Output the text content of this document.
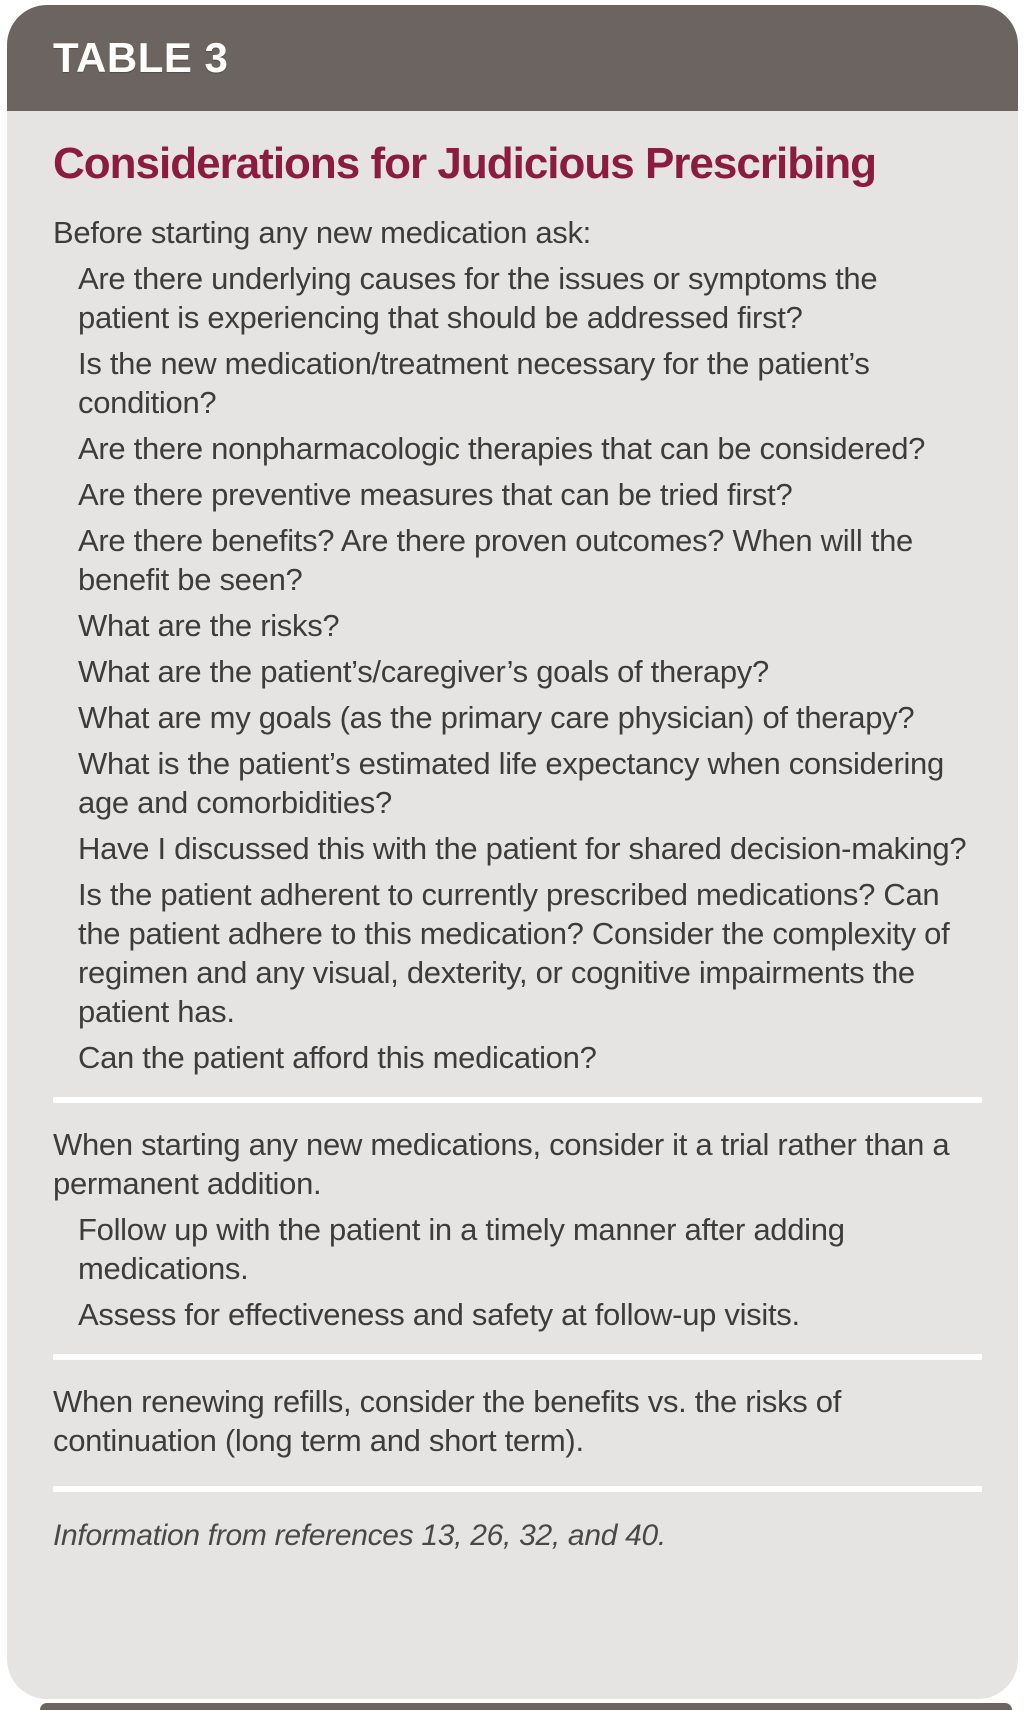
TABLE 3
Considerations for Judicious Prescribing

Before starting any new medication ask:

Are there underlying causes for the issues or symptoms the patient is experiencing that should be addressed first?

Is the new medication/treatment necessary for the patient’s condition?

Are there nonpharmacologic therapies that can be considered?

Are there preventive measures that can be tried first?

Are there benefits? Are there proven outcomes? When will the benefit be seen?

What are the risks?

What are the patient’s/caregiver’s goals of therapy?

What are my goals (as the primary care physician) of therapy?

What is the patient’s estimated life expectancy when considering age and comorbidities?

Have I discussed this with the patient for shared decision-making?

Is the patient adherent to currently prescribed medications? Can the patient adhere to this medication? Consider the complexity of regimen and any visual, dexterity, or cognitive impairments the patient has.

Can the patient afford this medication?

When starting any new medications, consider it a trial rather than a permanent addition.

Follow up with the patient in a timely manner after adding medications.

Assess for effectiveness and safety at follow-up visits.

When renewing refills, consider the benefits vs. the risks of continuation (long term and short term).

Information from references 13, 26, 32, and 40.
